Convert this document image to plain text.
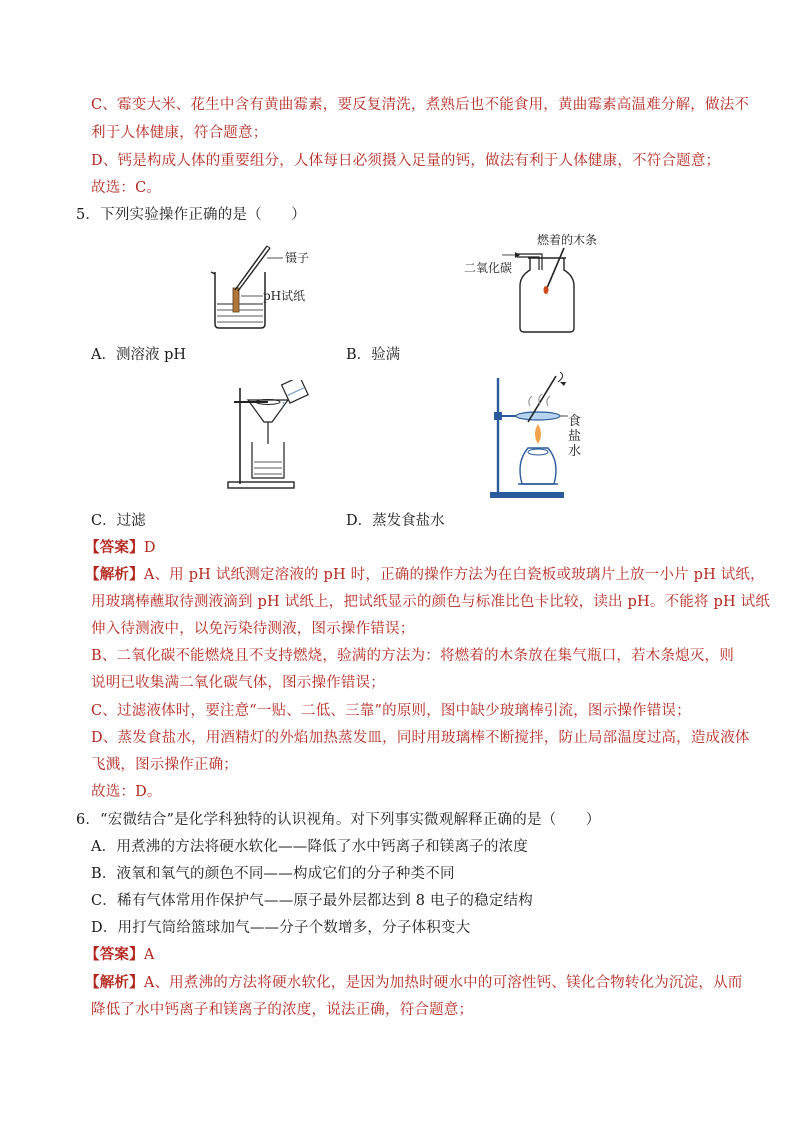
C、霉变大米、花生中含有黄曲霉素，要反复清洗，煮熟后也不能食用，黄曲霉素高温难分解，做法不
利于人体健康，符合题意；
D、钙是构成人体的重要组分，人体每日必须摄入足量的钙，做法有利于人体健康，不符合题意；
故选：C。
5．下列实验操作正确的是（　　）
镊子
pH试纸
燃着的木条
二氧化碳
A．测溶液 pH	B．验满
食盐水
C．过滤	D．蒸发食盐水
【答案】D
【解析】A、用 pH 试纸测定溶液的 pH 时，正确的操作方法为在白瓷板或玻璃片上放一小片 pH 试纸，
用玻璃棒蘸取待测液滴到 pH 试纸上，把试纸显示的颜色与标准比色卡比较，读出 pH。不能将 pH 试纸
伸入待测液中，以免污染待测液，图示操作错误；
B、二氧化碳不能燃烧且不支持燃烧，验满的方法为：将燃着的木条放在集气瓶口，若木条熄灭，则
说明已收集满二氧化碳气体，图示操作错误；
C、过滤液体时，要注意“一贴、二低、三靠”的原则，图中缺少玻璃棒引流，图示操作错误；
D、蒸发食盐水，用酒精灯的外焰加热蒸发皿，同时用玻璃棒不断搅拌，防止局部温度过高，造成液体
飞溅，图示操作正确；
故选：D。
6．“宏微结合”是化学科独特的认识视角。对下列事实微观解释正确的是（　　）
A．用煮沸的方法将硬水软化——降低了水中钙离子和镁离子的浓度
B．液氧和氧气的颜色不同——构成它们的分子种类不同
C．稀有气体常用作保护气——原子最外层都达到 8 电子的稳定结构
D．用打气筒给篮球加气——分子个数增多，分子体积变大
【答案】A
【解析】A、用煮沸的方法将硬水软化，是因为加热时硬水中的可溶性钙、镁化合物转化为沉淀，从而
降低了水中钙离子和镁离子的浓度，说法正确，符合题意；
